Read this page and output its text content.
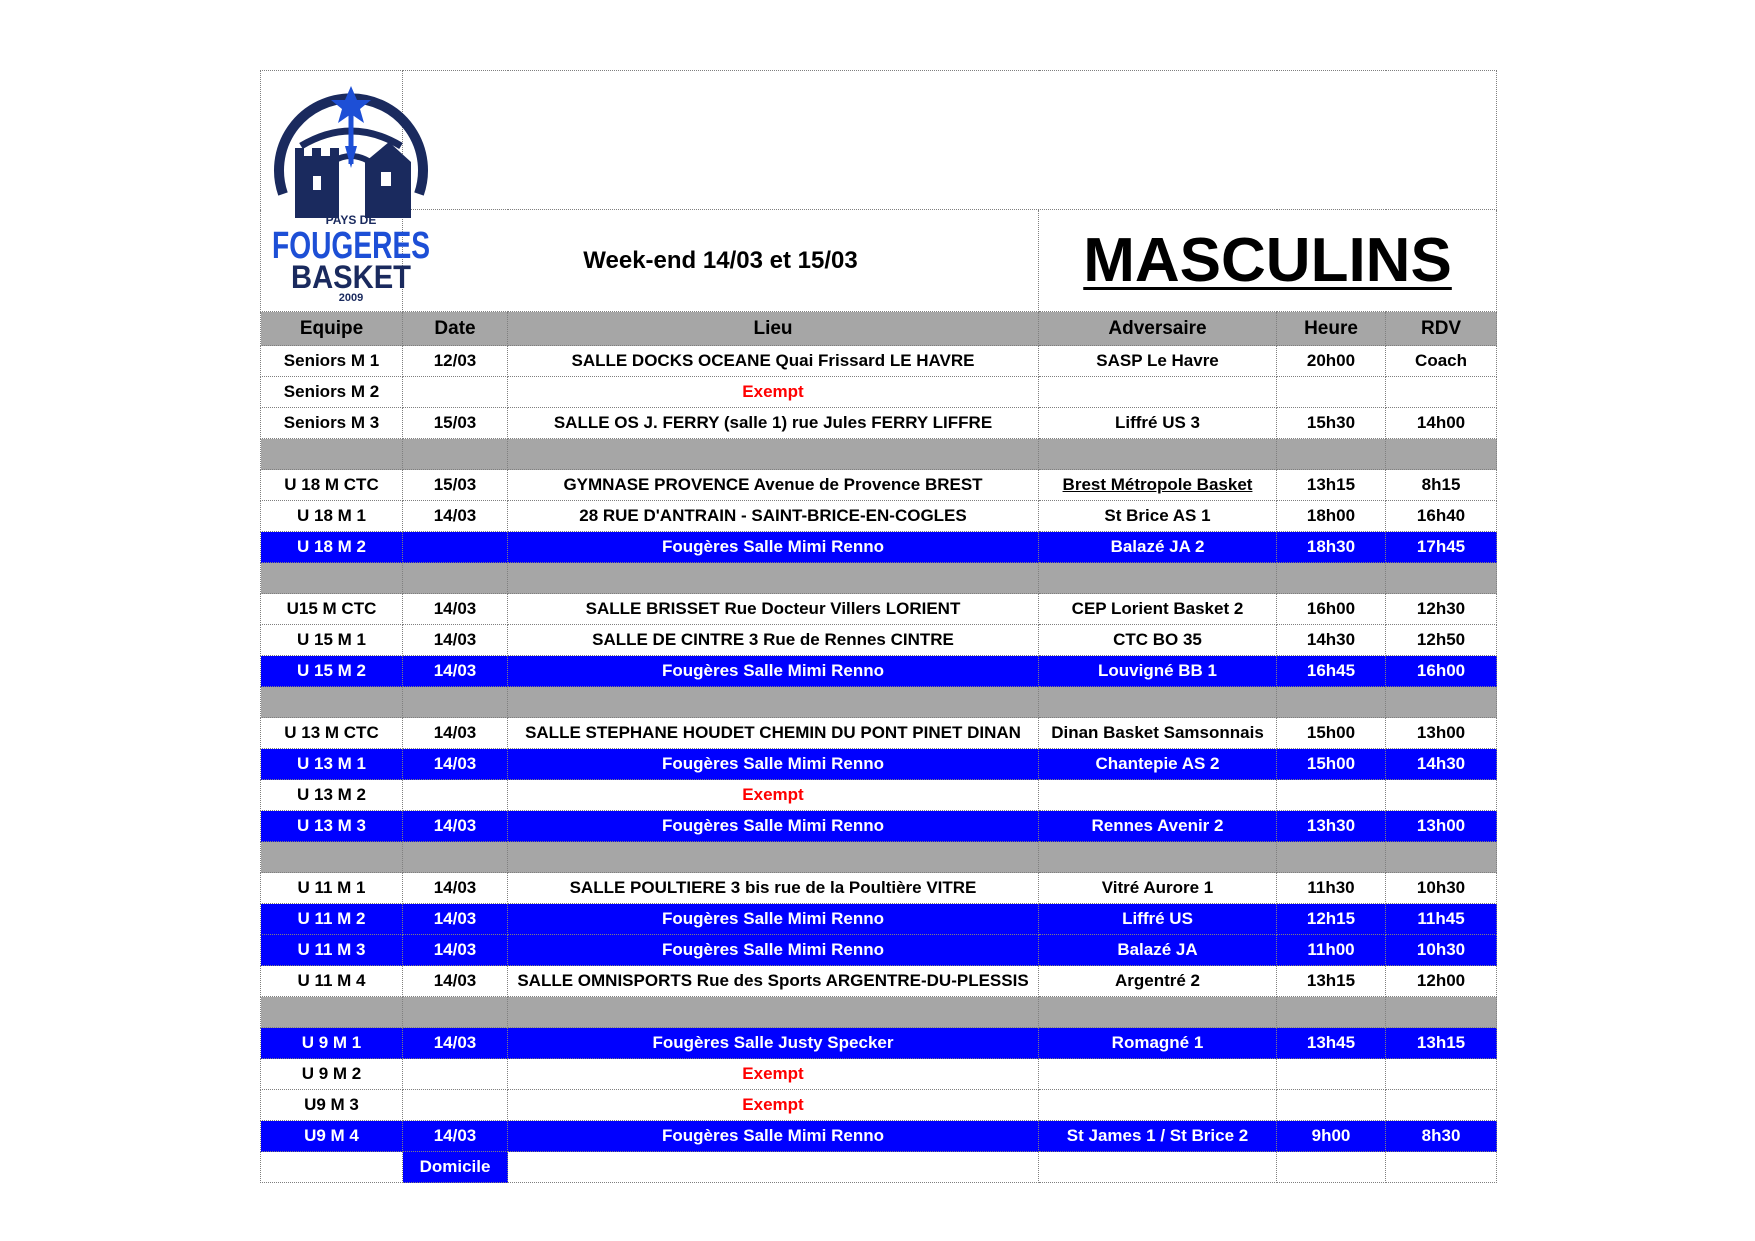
PAYS DE
FOUGERES
BASKET
2009					

	Week-end 14/03 et 15/03		MASCULINS		
Equipe	Date	Lieu	Adversaire	Heure	RDV
Seniors M 1	12/03	SALLE DOCKS OCEANE Quai Frissard LE HAVRE	SASP Le Havre	20h00	Coach
Seniors M 2		Exempt			
Seniors M 3	15/03	SALLE OS J. FERRY (salle 1) rue Jules FERRY LIFFRE	Liffré US 3	15h30	14h00

U 18 M CTC	15/03	GYMNASE PROVENCE Avenue de Provence BREST	Brest Métropole Basket	13h15	8h15
U 18 M 1	14/03	28 RUE D'ANTRAIN - SAINT-BRICE-EN-COGLES	St Brice AS 1	18h00	16h40
U 18 M 2		Fougères Salle Mimi Renno	Balazé JA 2	18h30	17h45

U15 M CTC	14/03	SALLE BRISSET Rue Docteur Villers LORIENT	CEP Lorient Basket 2	16h00	12h30
U 15 M 1	14/03	SALLE DE CINTRE 3 Rue de Rennes CINTRE	CTC BO 35	14h30	12h50
U 15 M 2	14/03	Fougères Salle Mimi Renno	Louvigné BB 1	16h45	16h00

U 13 M CTC	14/03	SALLE STEPHANE HOUDET CHEMIN DU PONT PINET DINAN	Dinan Basket Samsonnais	15h00	13h00
U 13 M 1	14/03	Fougères Salle Mimi Renno	Chantepie AS 2	15h00	14h30
U 13 M 2		Exempt			
U 13 M 3	14/03	Fougères Salle Mimi Renno	Rennes Avenir 2	13h30	13h00

U 11 M 1	14/03	SALLE POULTIERE 3 bis rue de la Poultière VITRE	Vitré Aurore 1	11h30	10h30
U 11 M 2	14/03	Fougères Salle Mimi Renno	Liffré US	12h15	11h45
U 11 M 3	14/03	Fougères Salle Mimi Renno	Balazé JA	11h00	10h30
U 11 M 4	14/03	SALLE OMNISPORTS Rue des Sports ARGENTRE-DU-PLESSIS	Argentré 2	13h15	12h00

U 9 M 1	14/03	Fougères Salle Justy Specker	Romagné 1	13h45	13h15
U 9 M 2		Exempt			
U9 M 3		Exempt			
U9 M 4	14/03	Fougères Salle Mimi Renno	St James 1 / St Brice 2	9h00	8h30
	Domicile				
